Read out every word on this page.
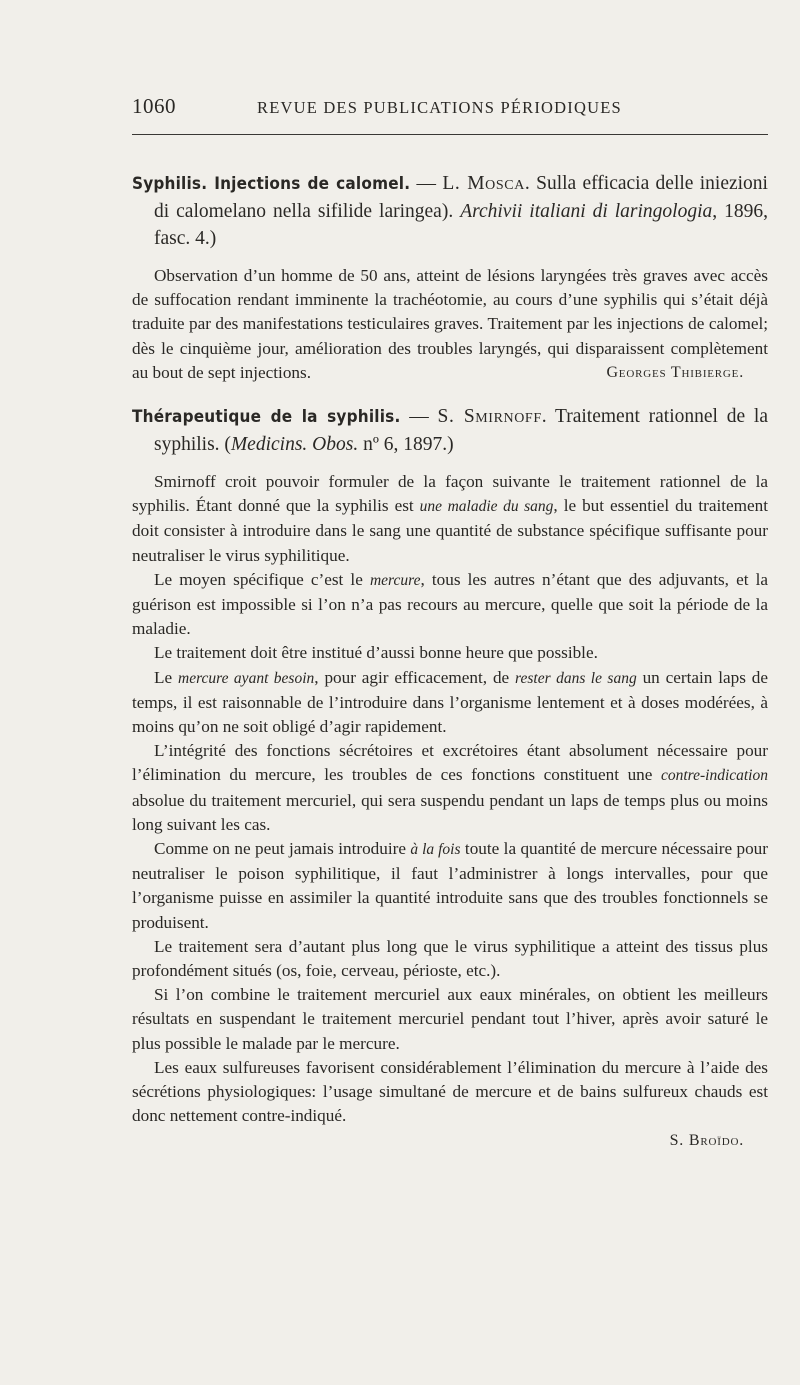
1060	REVUE DES PUBLICATIONS PÉRIODIQUES

Syphilis. Injections de calomel. — L. Mosca. Sulla efficacia delle iniezioni di calomelano nella sifilide laringea). Archivii italiani di laringologia, 1896, fasc. 4.)

Observation d’un homme de 50 ans, atteint de lésions laryngées très graves avec accès de suffocation rendant imminente la trachéotomie, au cours d’une syphilis qui s’était déjà traduite par des manifestations testiculaires graves. Traitement par les injections de calomel; dès le cinquième jour, amélioration des troubles laryngés, qui disparaissent complètement au bout de sept injections.	Georges Thibierge.

Thérapeutique de la syphilis. — S. Smirnoff. Traitement rationnel de la syphilis. (Medicins. Obos. nº 6, 1897.)

Smirnoff croit pouvoir formuler de la façon suivante le traitement rationnel de la syphilis. Étant donné que la syphilis est une maladie du sang, le but essentiel du traitement doit consister à introduire dans le sang une quantité de substance spécifique suffisante pour neutraliser le virus syphilitique.

Le moyen spécifique c’est le mercure, tous les autres n’étant que des adjuvants, et la guérison est impossible si l’on n’a pas recours au mercure, quelle que soit la période de la maladie.

Le traitement doit être institué d’aussi bonne heure que possible.

Le mercure ayant besoin, pour agir efficacement, de rester dans le sang un certain laps de temps, il est raisonnable de l’introduire dans l’organisme lentement et à doses modérées, à moins qu’on ne soit obligé d’agir rapidement.

L’intégrité des fonctions sécrétoires et excrétoires étant absolument nécessaire pour l’élimination du mercure, les troubles de ces fonctions constituent une contre-indication absolue du traitement mercuriel, qui sera suspendu pendant un laps de temps plus ou moins long suivant les cas.

Comme on ne peut jamais introduire à la fois toute la quantité de mercure nécessaire pour neutraliser le poison syphilitique, il faut l’administrer à longs intervalles, pour que l’organisme puisse en assimiler la quantité introduite sans que des troubles fonctionnels se produisent.

Le traitement sera d’autant plus long que le virus syphilitique a atteint des tissus plus profondément situés (os, foie, cerveau, périoste, etc.).

Si l’on combine le traitement mercuriel aux eaux minérales, on obtient les meilleurs résultats en suspendant le traitement mercuriel pendant tout l’hiver, après avoir saturé le plus possible le malade par le mercure.

Les eaux sulfureuses favorisent considérablement l’élimination du mercure à l’aide des sécrétions physiologiques: l’usage simultané de mercure et de bains sulfureux chauds est donc nettement contre-indiqué.

S. Broïdo.
